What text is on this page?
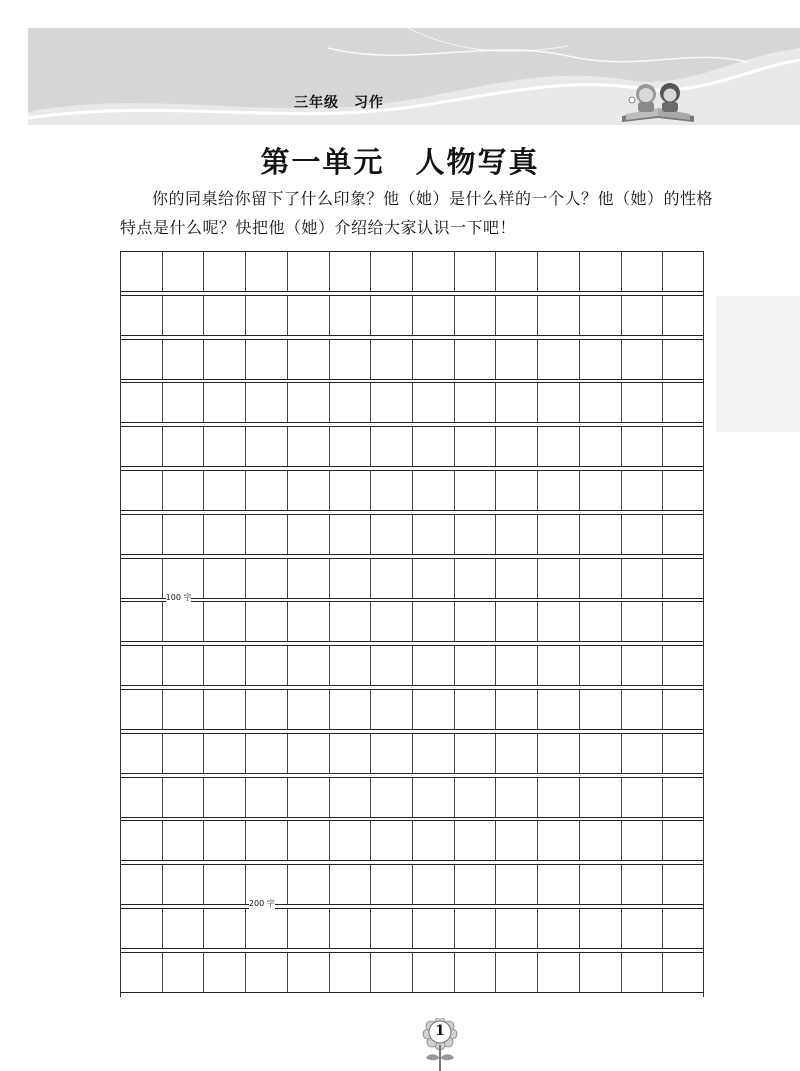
三年级　习作
第一单元　人物写真
你的同桌给你留下了什么印象？他（她）是什么样的一个人？他（她）的性格特点是什么呢？快把他（她）介绍给大家认识一下吧！
100 字
200 字
1
